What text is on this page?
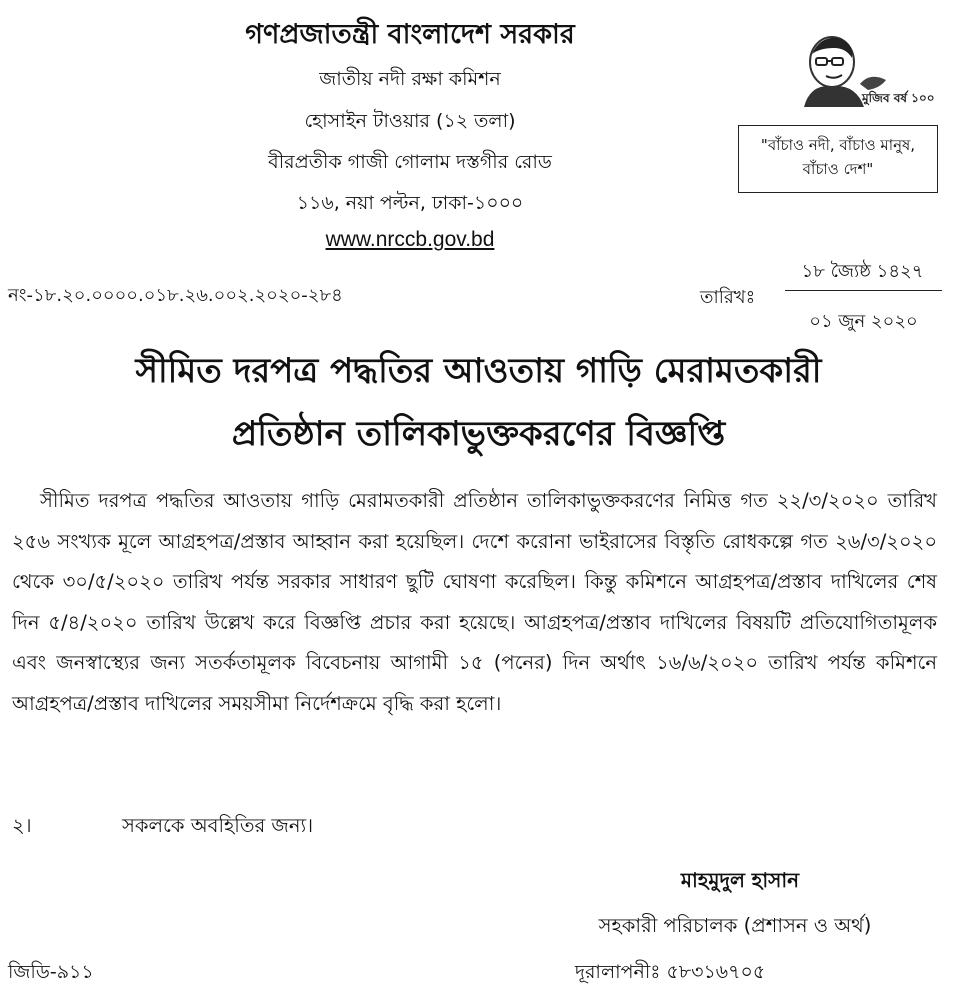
গণপ্রজাতন্ত্রী বাংলাদেশ সরকার
জাতীয় নদী রক্ষা কমিশন
হোসাইন টাওয়ার (১২ তলা)
বীরপ্রতীক গাজী গোলাম দস্তগীর রোড
১১৬, নয়া পল্টন, ঢাকা-১০০০
www.nrccb.gov.bd
মুজিব বর্ষ ১০০
"বাঁচাও নদী, বাঁচাও মানুষ,
বাঁচাও দেশ"
নং-১৮.২০.০০০০.০১৮.২৬.০০২.২০২০-২৮৪
১৮ জ্যৈষ্ঠ ১৪২৭
তারিখঃ
০১ জুন ২০২০
সীমিত দরপত্র পদ্ধতির আওতায় গাড়ি মেরামতকারী
প্রতিষ্ঠান তালিকাভুক্তকরণের বিজ্ঞপ্তি
সীমিত দরপত্র পদ্ধতির আওতায় গাড়ি মেরামতকারী প্রতিষ্ঠান তালিকাভুক্তকরণের নিমিত্ত গত ২২/৩/২০২০ তারিখ ২৫৬ সংখ্যক মূলে আগ্রহপত্র/প্রস্তাব আহ্বান করা হয়েছিল। দেশে করোনা ভাইরাসের বিস্তৃতি রোধকল্পে গত ২৬/৩/২০২০ থেকে ৩০/৫/২০২০ তারিখ পর্যন্ত সরকার সাধারণ ছুটি ঘোষণা করেছিল। কিন্তু কমিশনে আগ্রহপত্র/প্রস্তাব দাখিলের শেষ দিন ৫/৪/২০২০ তারিখ উল্লেখ করে বিজ্ঞপ্তি প্রচার করা হয়েছে। আগ্রহপত্র/প্রস্তাব দাখিলের বিষয়টি প্রতিযোগিতামূলক এবং জনস্বাস্থ্যের জন্য সতর্কতামূলক বিবেচনায় আগামী ১৫ (পনের) দিন অর্থাৎ ১৬/৬/২০২০ তারিখ পর্যন্ত কমিশনে আগ্রহপত্র/প্রস্তাব দাখিলের সময়সীমা নির্দেশক্রমে বৃদ্ধি করা হলো।
২।	সকলকে অবহিতির জন্য।
মাহমুদুল হাসান
সহকারী পরিচালক (প্রশাসন ও অর্থ)
জিডি-৯১১	দূরালাপনীঃ ৫৮৩১৬৭০৫
